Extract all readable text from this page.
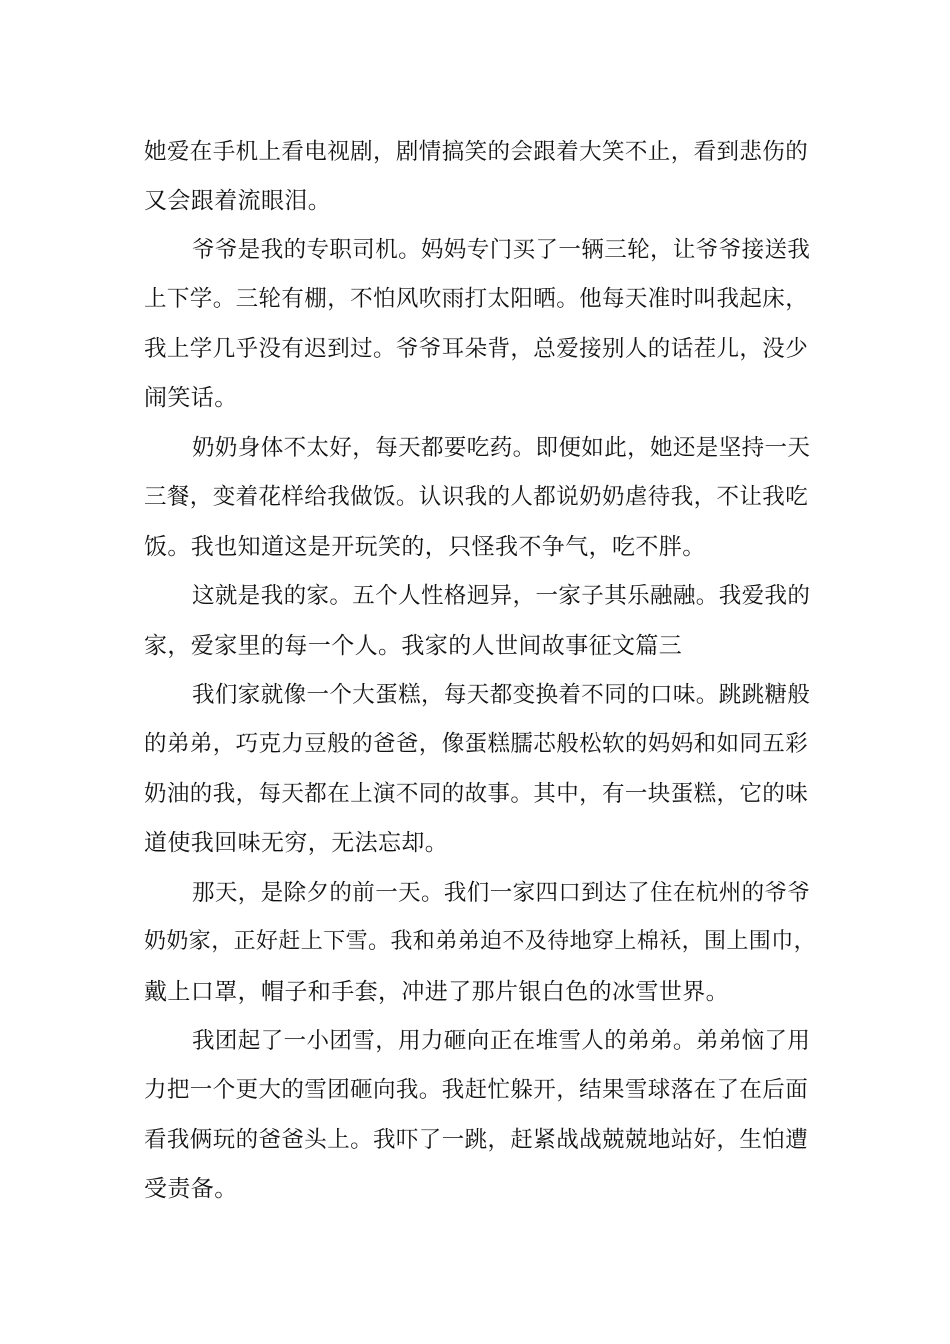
她爱在手机上看电视剧，剧情搞笑的会跟着大笑不止，看到悲伤的
又会跟着流眼泪。
爷爷是我的专职司机。妈妈专门买了一辆三轮，让爷爷接送我
上下学。三轮有棚，不怕风吹雨打太阳晒。他每天准时叫我起床，
我上学几乎没有迟到过。爷爷耳朵背，总爱接别人的话茬儿，没少
闹笑话。
奶奶身体不太好，每天都要吃药。即便如此，她还是坚持一天
三餐，变着花样给我做饭。认识我的人都说奶奶虐待我，不让我吃
饭。我也知道这是开玩笑的，只怪我不争气，吃不胖。
这就是我的家。五个人性格迥异，一家子其乐融融。我爱我的
家，爱家里的每一个人。我家的人世间故事征文篇三
我们家就像一个大蛋糕，每天都变换着不同的口味。跳跳糖般
的弟弟，巧克力豆般的爸爸，像蛋糕臑芯般松软的妈妈和如同五彩
奶油的我，每天都在上演不同的故事。其中，有一块蛋糕，它的味
道使我回味无穷，无法忘却。
那天，是除夕的前一天。我们一家四口到达了住在杭州的爷爷
奶奶家，正好赶上下雪。我和弟弟迫不及待地穿上棉袄，围上围巾，
戴上口罩，帽子和手套，冲进了那片银白色的冰雪世界。
我团起了一小团雪，用力砸向正在堆雪人的弟弟。弟弟恼了用
力把一个更大的雪团砸向我。我赶忙躲开，结果雪球落在了在后面
看我俩玩的爸爸头上。我吓了一跳，赶紧战战兢兢地站好，生怕遭
受责备。
